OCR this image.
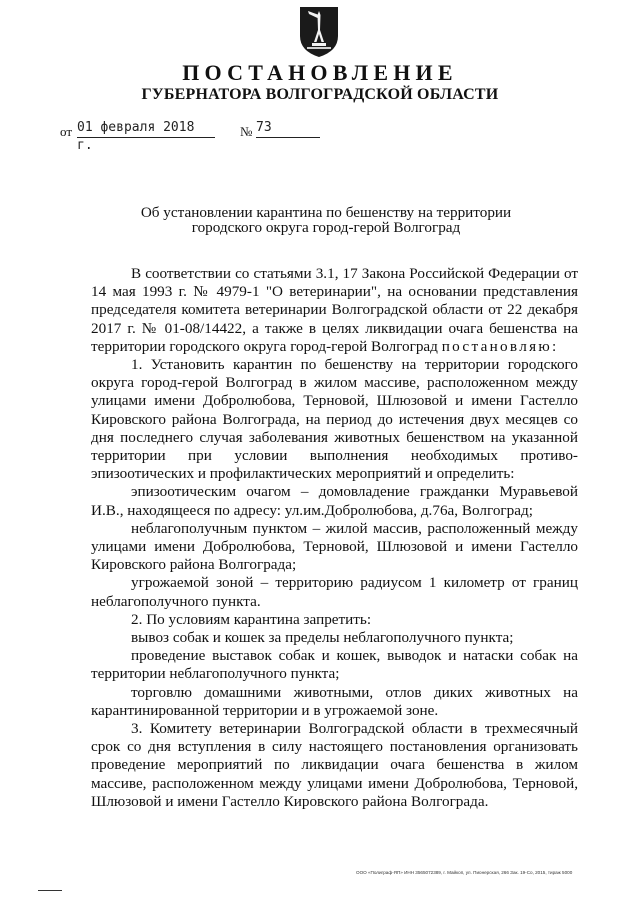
ПОСТАНОВЛЕНИЕ
ГУБЕРНАТОРА ВОЛГОГРАДСКОЙ ОБЛАСТИ
от 01 февраля 2018 г.
№ 73
Об установлении карантина по бешенству на территории
городского округа город-герой Волгоград

В соответствии со статьями 3.1, 17 Закона Российской Федерации от 14 мая 1993 г. № 4979-1 "О ветеринарии", на основании представления председателя комитета ветеринарии Волгоградской области от 22 декабря 2017 г. № 01-08/14422, а также в целях ликвидации очага бешенства на территории городского округа город-герой Волгоград постановляю:

1. Установить карантин по бешенству на территории городского округа город-герой Волгоград в жилом массиве, расположенном между улицами имени Добролюбова, Терновой, Шлюзовой и имени Гастелло Кировского района Волгограда, на период до истечения двух месяцев со дня последнего случая заболевания животных бешенством на указанной территории при условии выполнения необходимых противо-эпизоотических и профилактических мероприятий и определить:

эпизоотическим очагом – домовладение гражданки Муравьевой И.В., находящееся по адресу: ул.им.Добролюбова, д.76а, Волгоград;

неблагополучным пунктом – жилой массив, расположенный между улицами имени Добролюбова, Терновой, Шлюзовой и имени Гастелло Кировского района Волгограда;

угрожаемой зоной – территорию радиусом 1 километр от границ неблагополучного пункта.

2. По условиям карантина запретить:

вывоз собак и кошек за пределы неблагополучного пункта;

проведение выставок собак и кошек, выводок и натаски собак на территории неблагополучного пункта;

торговлю домашними животными, отлов диких животных на карантинированной территории и в угрожаемой зоне.

3. Комитету ветеринарии Волгоградской области в трехмесячный срок со дня вступления в силу настоящего постановления организовать проведение мероприятий по ликвидации очага бешенства в жилом массиве, расположенном между улицами имени Добролюбова, Терновой, Шлюзовой и имени Гастелло Кировского района Волгограда.

ООО «Полиграф-ЯП» ИНН 3565072389, г. Майкоп, ул. Пионерская, 266 Зак. 19-Со, 2015, тираж 5000
